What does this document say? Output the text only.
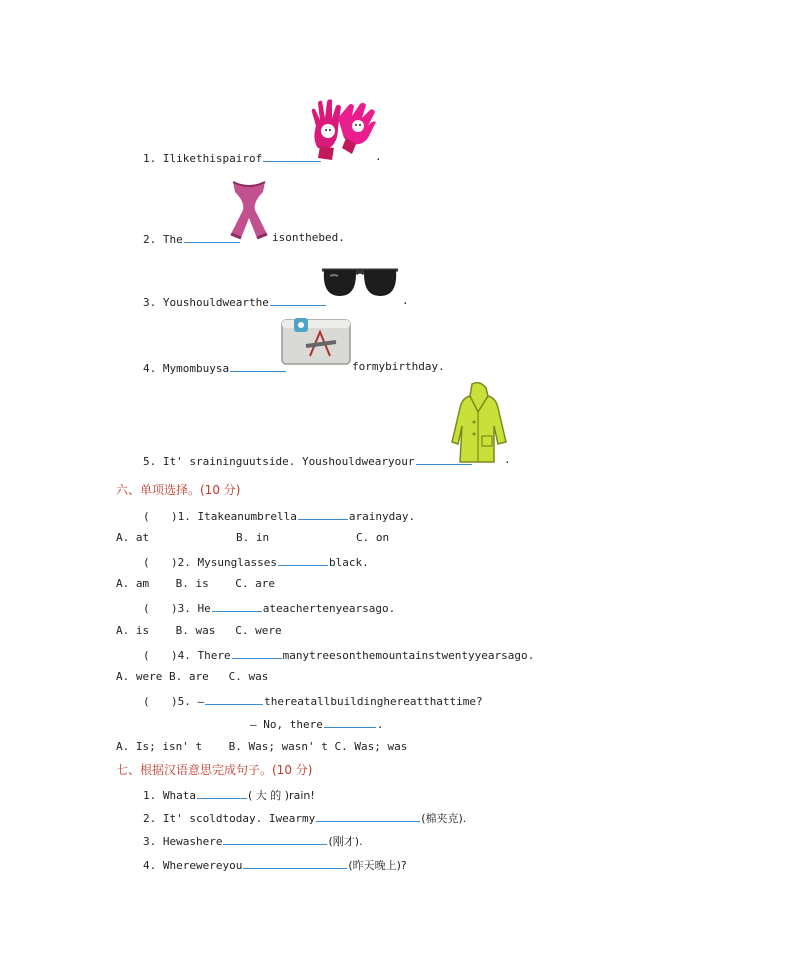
1. Ilikethispairof	.
2. The	isonthebed.
3. Youshouldwearthe	.
4. Mymombuysa	formybirthday.
5. It' sraininguutside. Youshouldwearyour	.
六、单项选择。(10 分)
( )1. Itakeanumbrella	arainyday.
A. at	B. in	C. on
( )2. Mysunglasses	black.
A. am    B. is    C. are
( )3. He	ateachertenyearsago.
A. is    B. was   C. were
( )4. There	manytreesonthemountainstwentyyearsago.
A. were B. are   C. was
( )5. —	thereatallbuildinghereatthattime?
— No, there	.
A. Is; isn' t    B. Was; wasn' t C. Was; was
七、根据汉语意思完成句子。(10 分)
1. Whata	( 大 的 )rain!
2. It' scoldtoday. Iwearmy	(棉夹克).
3. Hewashere	(刚才).
4. Wherewereyou	(昨天晚上)?
